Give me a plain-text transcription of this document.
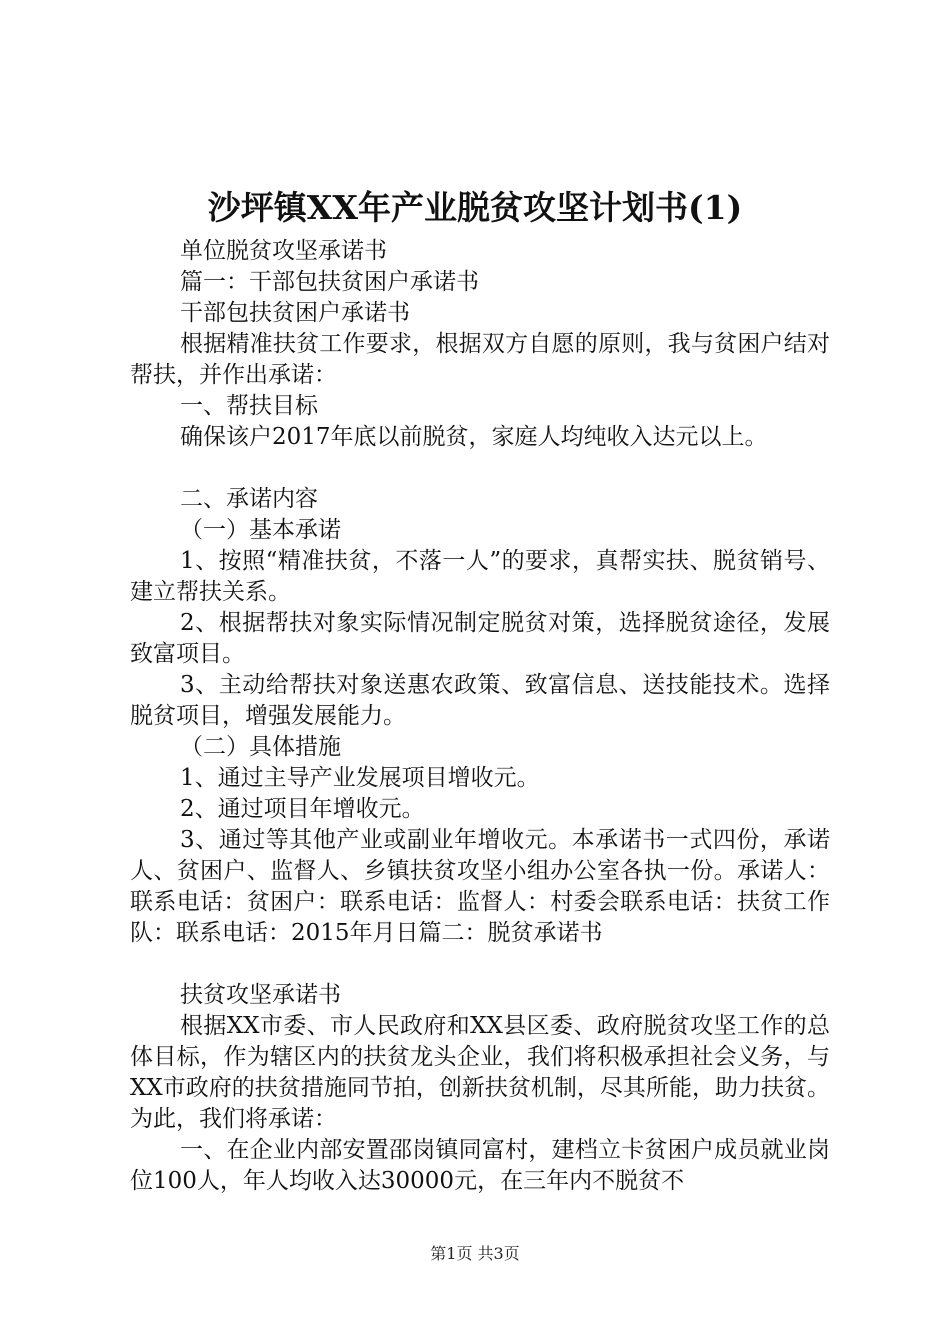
沙坪镇XX年产业脱贫攻坚计划书(1)

单位脱贫攻坚承诺书

篇一：干部包扶贫困户承诺书

干部包扶贫困户承诺书

根据精准扶贫工作要求，根据双方自愿的原则，我与贫困户结对帮扶，并作出承诺：

一、帮扶目标

确保该户2017年底以前脱贫，家庭人均纯收入达元以上。

二、承诺内容

（一）基本承诺

1、按照“精准扶贫，不落一人”的要求，真帮实扶、脱贫销号、建立帮扶关系。

2、根据帮扶对象实际情况制定脱贫对策，选择脱贫途径，发展致富项目。

3、主动给帮扶对象送惠农政策、致富信息、送技能技术。选择脱贫项目，增强发展能力。

（二）具体措施

1、通过主导产业发展项目增收元。

2、通过项目年增收元。

3、通过等其他产业或副业年增收元。本承诺书一式四份，承诺人、贫困户、监督人、乡镇扶贫攻坚小组办公室各执一份。承诺人：联系电话：贫困户：联系电话：监督人：村委会联系电话：扶贫工作队：联系电话：2015年月日篇二：脱贫承诺书

扶贫攻坚承诺书

根据XX市委、市人民政府和XX县区委、政府脱贫攻坚工作的总体目标，作为辖区内的扶贫龙头企业，我们将积极承担社会义务，与XX市政府的扶贫措施同节拍，创新扶贫机制，尽其所能，助力扶贫。为此，我们将承诺：

一、在企业内部安置邵岗镇同富村，建档立卡贫困户成员就业岗位100人，年人均收入达30000元，在三年内不脱贫不

第1页 共3页
